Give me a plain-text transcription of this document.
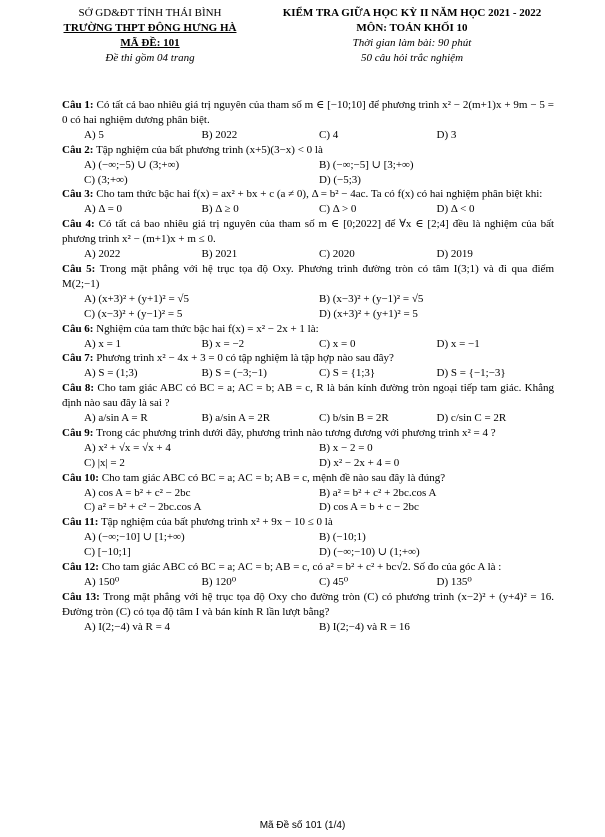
SỞ GD&ĐT TỈNH THÁI BÌNH
TRƯỜNG THPT ĐÔNG HƯNG HÀ
MÃ ĐỀ: 101
Đề thi gồm 04 trang
KIỂM TRA GIỮA HỌC KỲ II NĂM HỌC 2021 - 2022
MÔN: TOÁN KHỐI 10
Thời gian làm bài: 90 phút
50 câu hỏi trắc nghiệm

Câu 1: Có tất cả bao nhiêu giá trị nguyên của tham số m ∈ [−10;10] để phương trình x² − 2(m+1)x + 9m − 5 = 0 có hai nghiệm dương phân biệt.

A) 5	B) 2022	C) 4	D) 3

Câu 2: Tập nghiệm của bất phương trình (x+5)(3−x) < 0 là

A) (−∞;−5) ∪ (3;+∞)	B) (−∞;−5] ∪ [3;+∞)
C) (3;+∞)	D) (−5;3)

Câu 3: Cho tam thức bậc hai f(x) = ax² + bx + c (a ≠ 0), Δ = b² − 4ac. Ta có f(x) có hai nghiệm phân biệt khi:

A) Δ = 0	B) Δ ≥ 0	C) Δ > 0	D) Δ < 0

Câu 4: Có tất cả bao nhiêu giá trị nguyên của tham số m ∈ [0;2022] để ∀x ∈ [2;4] đều là nghiệm của bất phương trình x² − (m+1)x + m ≤ 0.

A) 2022	B) 2021	C) 2020	D) 2019

Câu 5: Trong mặt phẳng với hệ trục tọa độ Oxy. Phương trình đường tròn có tâm I(3;1) và đi qua điểm M(2;−1)

A) (x+3)² + (y+1)² = √5	B) (x−3)² + (y−1)² = √5
C) (x−3)² + (y−1)² = 5	D) (x+3)² + (y+1)² = 5

Câu 6: Nghiệm của tam thức bậc hai f(x) = x² − 2x + 1 là:

A) x = 1	B) x = −2	C) x = 0	D) x = −1

Câu 7: Phương trình x² − 4x + 3 = 0 có tập nghiệm là tập hợp nào sau đây?

A) S = (1;3)	B) S = (−3;−1)	C) S = {1;3}	D) S = {−1;−3}

Câu 8: Cho tam giác ABC có BC = a; AC = b; AB = c, R là bán kính đường tròn ngoại tiếp tam giác. Khẳng định nào sau đây là sai ?

A) a/sin A = R	B) a/sin A = 2R	C) b/sin B = 2R	D) c/sin C = 2R

Câu 9: Trong các phương trình dưới đây, phương trình nào tương đương với phương trình x² = 4 ?

A) x² + √x = √x + 4	B) x − 2 = 0
C) |x| = 2	D) x² − 2x + 4 = 0

Câu 10: Cho tam giác ABC có BC = a; AC = b; AB = c, mệnh đề nào sau đây là đúng?

A) cos A = b² + c² − 2bc	B) a² = b² + c² + 2bc.cos A
C) a² = b² + c² − 2bc.cos A	D) cos A = b + c − 2bc

Câu 11: Tập nghiệm của bất phương trình x² + 9x − 10 ≤ 0 là

A) (−∞;−10] ∪ [1;+∞)	B) (−10;1)
C) [−10;1]	D) (−∞;−10) ∪ (1;+∞)

Câu 12: Cho tam giác ABC có BC = a; AC = b; AB = c, có a² = b² + c² + bc√2. Số đo của góc A là :

A) 150⁰	B) 120⁰	C) 45⁰	D) 135⁰

Câu 13: Trong mặt phẳng với hệ trục tọa độ Oxy cho đường tròn (C) có phương trình (x−2)² + (y+4)² = 16. Đường tròn (C) có tọa độ tâm I và bán kính R lần lượt bằng?

A) I(2;−4) và R = 4	B) I(2;−4) và R = 16
Mã Đề số 101 (1/4)
